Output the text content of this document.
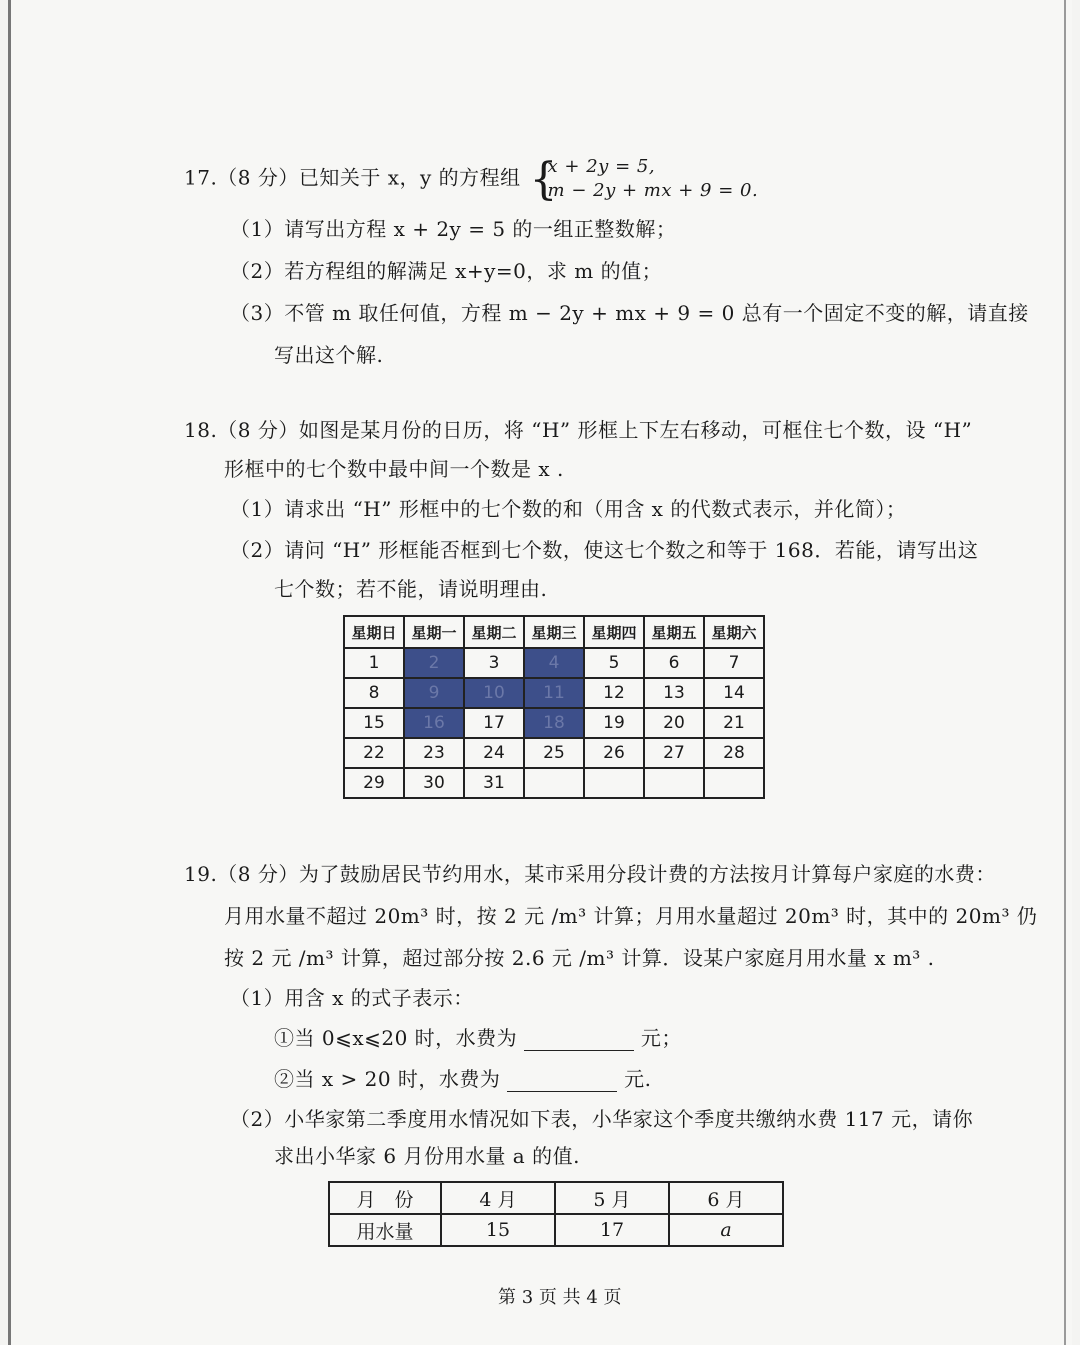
17.（8 分）已知关于 x，y 的方程组 {
x + 2y = 5,
m − 2y + mx + 9 = 0.
（1）请写出方程 x + 2y = 5 的一组正整数解；
（2）若方程组的解满足 x+y=0，求 m 的值；
（3）不管 m 取任何值，方程 m − 2y + mx + 9 = 0 总有一个固定不变的解，请直接
写出这个解.
18.（8 分）如图是某月份的日历，将 “H” 形框上下左右移动，可框住七个数，设 “H”
形框中的七个数中最中间一个数是 x .
（1）请求出 “H” 形框中的七个数的和（用含 x 的代数式表示，并化简）；
（2）请问 “H” 形框能否框到七个数，使这七个数之和等于 168．若能，请写出这
七个数；若不能，请说明理由.
星期日	星期一	星期二	星期三	星期四	星期五	星期六
1	2	3	4	5	6	7
8	9	10	11	12	13	14
15	16	17	18	19	20	21
22	23	24	25	26	27	28
29	30	31				
19.（8 分）为了鼓励居民节约用水，某市采用分段计费的方法按月计算每户家庭的水费：
月用水量不超过 20m³ 时，按 2 元 /m³ 计算；月用水量超过 20m³ 时，其中的 20m³ 仍
按 2 元 /m³ 计算，超过部分按 2.6 元 /m³ 计算．设某户家庭月用水量 x m³ .
（1）用含 x 的式子表示：
①当 0⩽x⩽20 时，水费为	元；
②当 x > 20 时，水费为	元.
（2）小华家第二季度用水情况如下表，小华家这个季度共缴纳水费 117 元，请你
求出小华家 6 月份用水量 a 的值.
月　份	4 月	5 月	6 月
用水量	15	17	a
第 3 页 共 4 页
